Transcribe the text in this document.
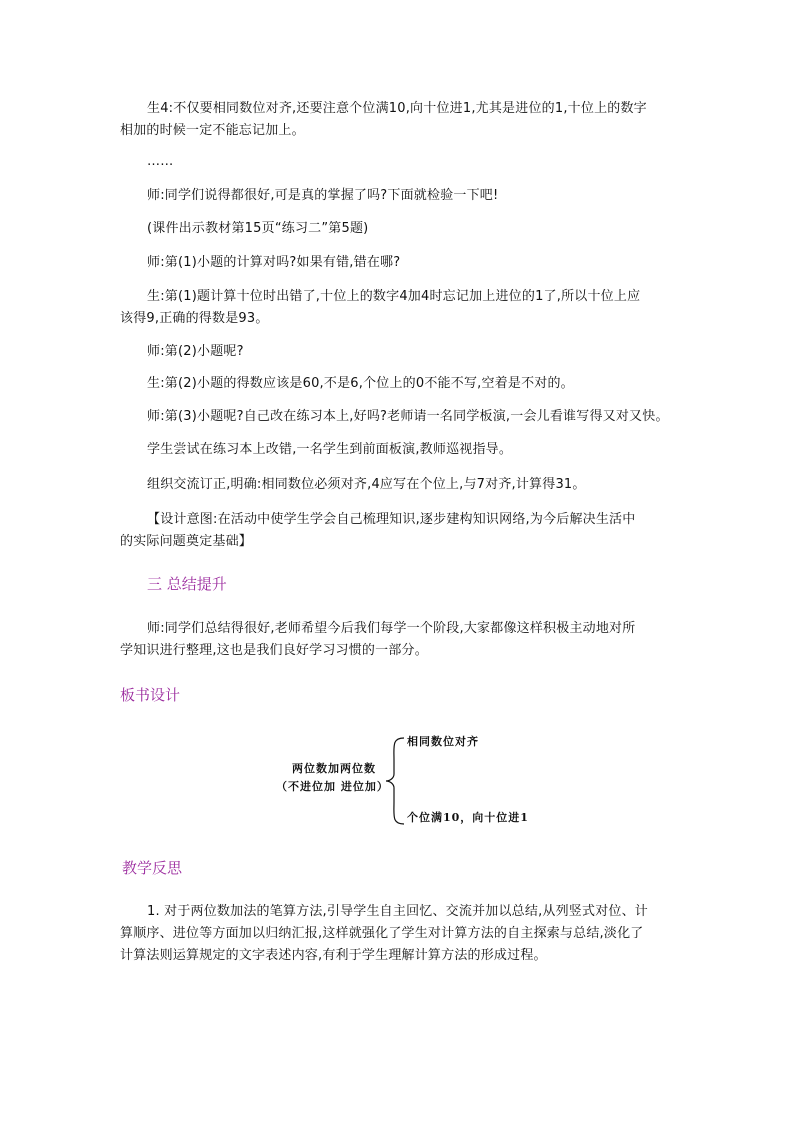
生4:不仅要相同数位对齐,还要注意个位满10,向十位进1,尤其是进位的1,十位上的数字
相加的时候一定不能忘记加上。
……
师:同学们说得都很好,可是真的掌握了吗?下面就检验一下吧!
(课件出示教材第15页“练习二”第5题)
师:第(1)小题的计算对吗?如果有错,错在哪?
生:第(1)题计算十位时出错了,十位上的数字4加4时忘记加上进位的1了,所以十位上应
该得9,正确的得数是93。
师:第(2)小题呢?
生:第(2)小题的得数应该是60,不是6,个位上的0不能不写,空着是不对的。
师:第(3)小题呢?自己改在练习本上,好吗?老师请一名同学板演,一会儿看谁写得又对又快。
学生尝试在练习本上改错,一名学生到前面板演,教师巡视指导。
组织交流订正,明确:相同数位必须对齐,4应写在个位上,与7对齐,计算得31。
【设计意图:在活动中使学生学会自己梳理知识,逐步建构知识网络,为今后解决生活中
的实际问题奠定基础】
三 总结提升
师:同学们总结得很好,老师希望今后我们每学一个阶段,大家都像这样积极主动地对所
学知识进行整理,这也是我们良好学习习惯的一部分。
板书设计
两位数加两位数
（不进位加 进位加）
相同数位对齐
个位满10，向十位进1
教学反思
1. 对于两位数加法的笔算方法,引导学生自主回忆、交流并加以总结,从列竖式对位、计
算顺序、进位等方面加以归纳汇报,这样就强化了学生对计算方法的自主探索与总结,淡化了
计算法则运算规定的文字表述内容,有利于学生理解计算方法的形成过程。
